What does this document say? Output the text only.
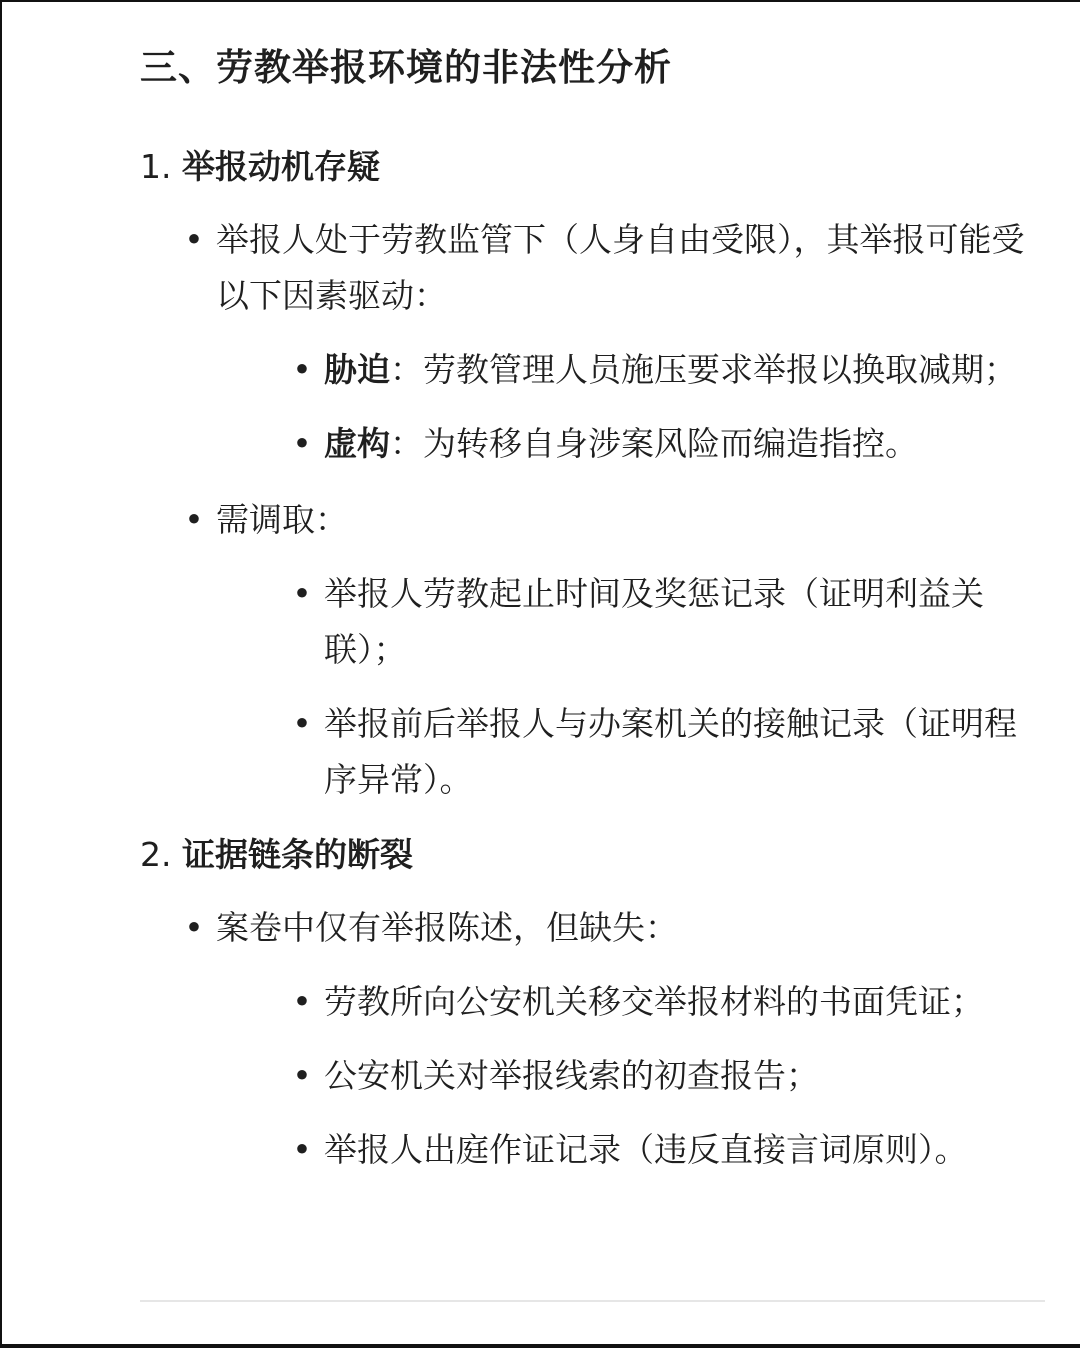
三、劳教举报环境的非法性分析
1. 举报动机存疑
• 举报人处于劳教监管下（人身自由受限），其举报可能受以下因素驱动：
• 胁迫：劳教管理人员施压要求举报以换取减期；
• 虚构：为转移自身涉案风险而编造指控。
• 需调取：
• 举报人劳教起止时间及奖惩记录（证明利益关联）；
• 举报前后举报人与办案机关的接触记录（证明程序异常）。
2. 证据链条的断裂
• 案卷中仅有举报陈述，但缺失：
• 劳教所向公安机关移交举报材料的书面凭证；
• 公安机关对举报线索的初查报告；
• 举报人出庭作证记录（违反直接言词原则）。
